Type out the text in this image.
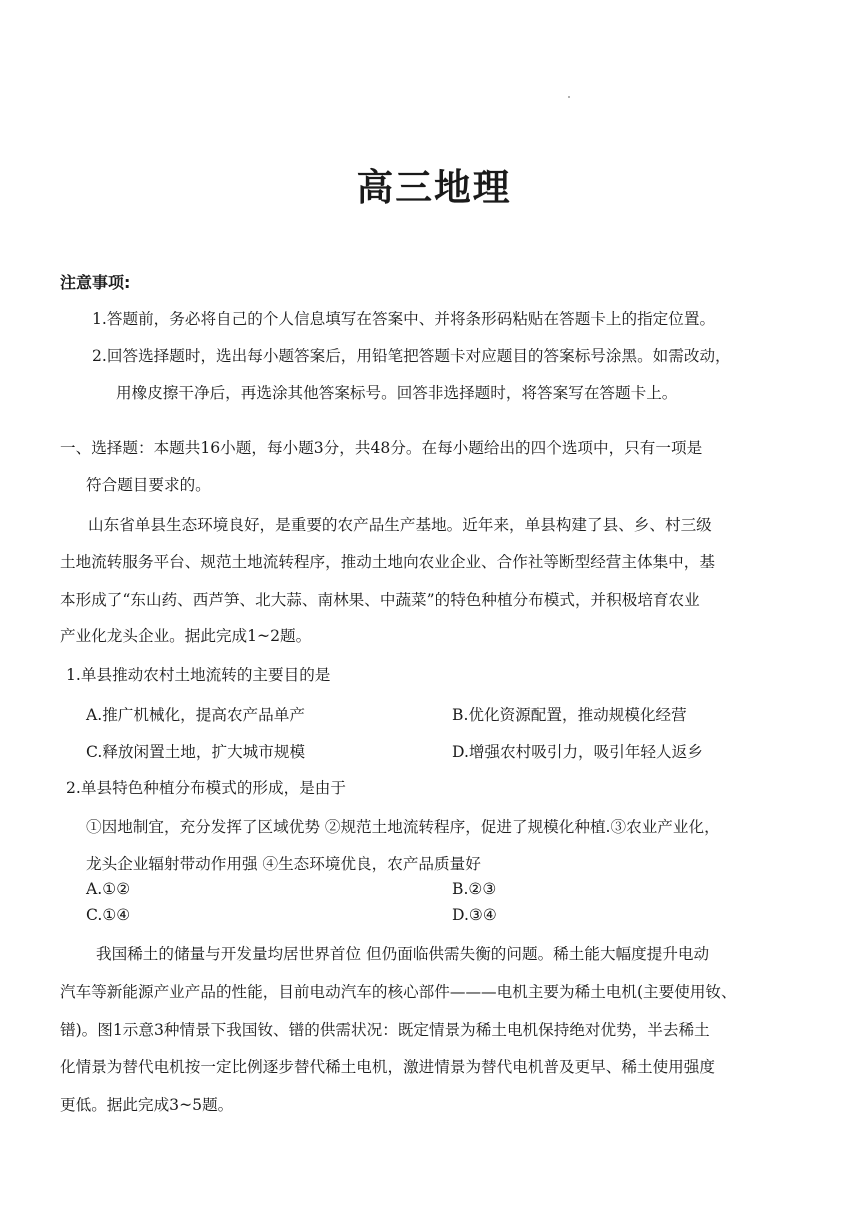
高三地理
注意事项:
1.答题前，务必将自己的个人信息填写在答案中、并将条形码粘贴在答题卡上的指定位置。
2.回答选择题时，选出每小题答案后，用铅笔把答题卡对应题目的答案标号涂黑。如需改动，
用橡皮擦干净后，再选涂其他答案标号。回答非选择题时，将答案写在答题卡上。
一、选择题：本题共16小题，每小题3分，共48分。在每小题给出的四个选项中，只有一项是
符合题目要求的。
山东省单县生态环境良好，是重要的农产品生产基地。近年来，单县构建了县、乡、村三级
土地流转服务平台、规范土地流转程序，推动土地向农业企业、合作社等断型经营主体集中，基
本形成了“东山药、西芦笋、北大蒜、南林果、中蔬菜”的特色种植分布模式，并积极培育农业
产业化龙头企业。据此完成1~2题。
1.单县推动农村土地流转的主要目的是
A.推广机械化，提高农产品单产	B.优化资源配置，推动规模化经营
C.释放闲置土地，扩大城市规模	D.增强农村吸引力，吸引年轻人返乡
2.单县特色种植分布模式的形成，是由于
①因地制宜，充分发挥了区域优势 ②规范土地流转程序，促进了规模化种植.③农业产业化，
龙头企业辐射带动作用强 ④生态环境优良，农产品质量好
A.①②	B.②③
C.①④	D.③④
我国稀土的储量与开发量均居世界首位 但仍面临供需失衡的问题。稀土能大幅度提升电动
汽车等新能源产业产品的性能，目前电动汽车的核心部件———电机主要为稀土电机(主要使用钕、
镨)。图1示意3种情景下我国钕、镨的供需状况：既定情景为稀土电机保持绝对优势，半去稀土
化情景为替代电机按一定比例逐步替代稀土电机，激进情景为替代电机普及更早、稀土使用强度
更低。据此完成3~5题。
